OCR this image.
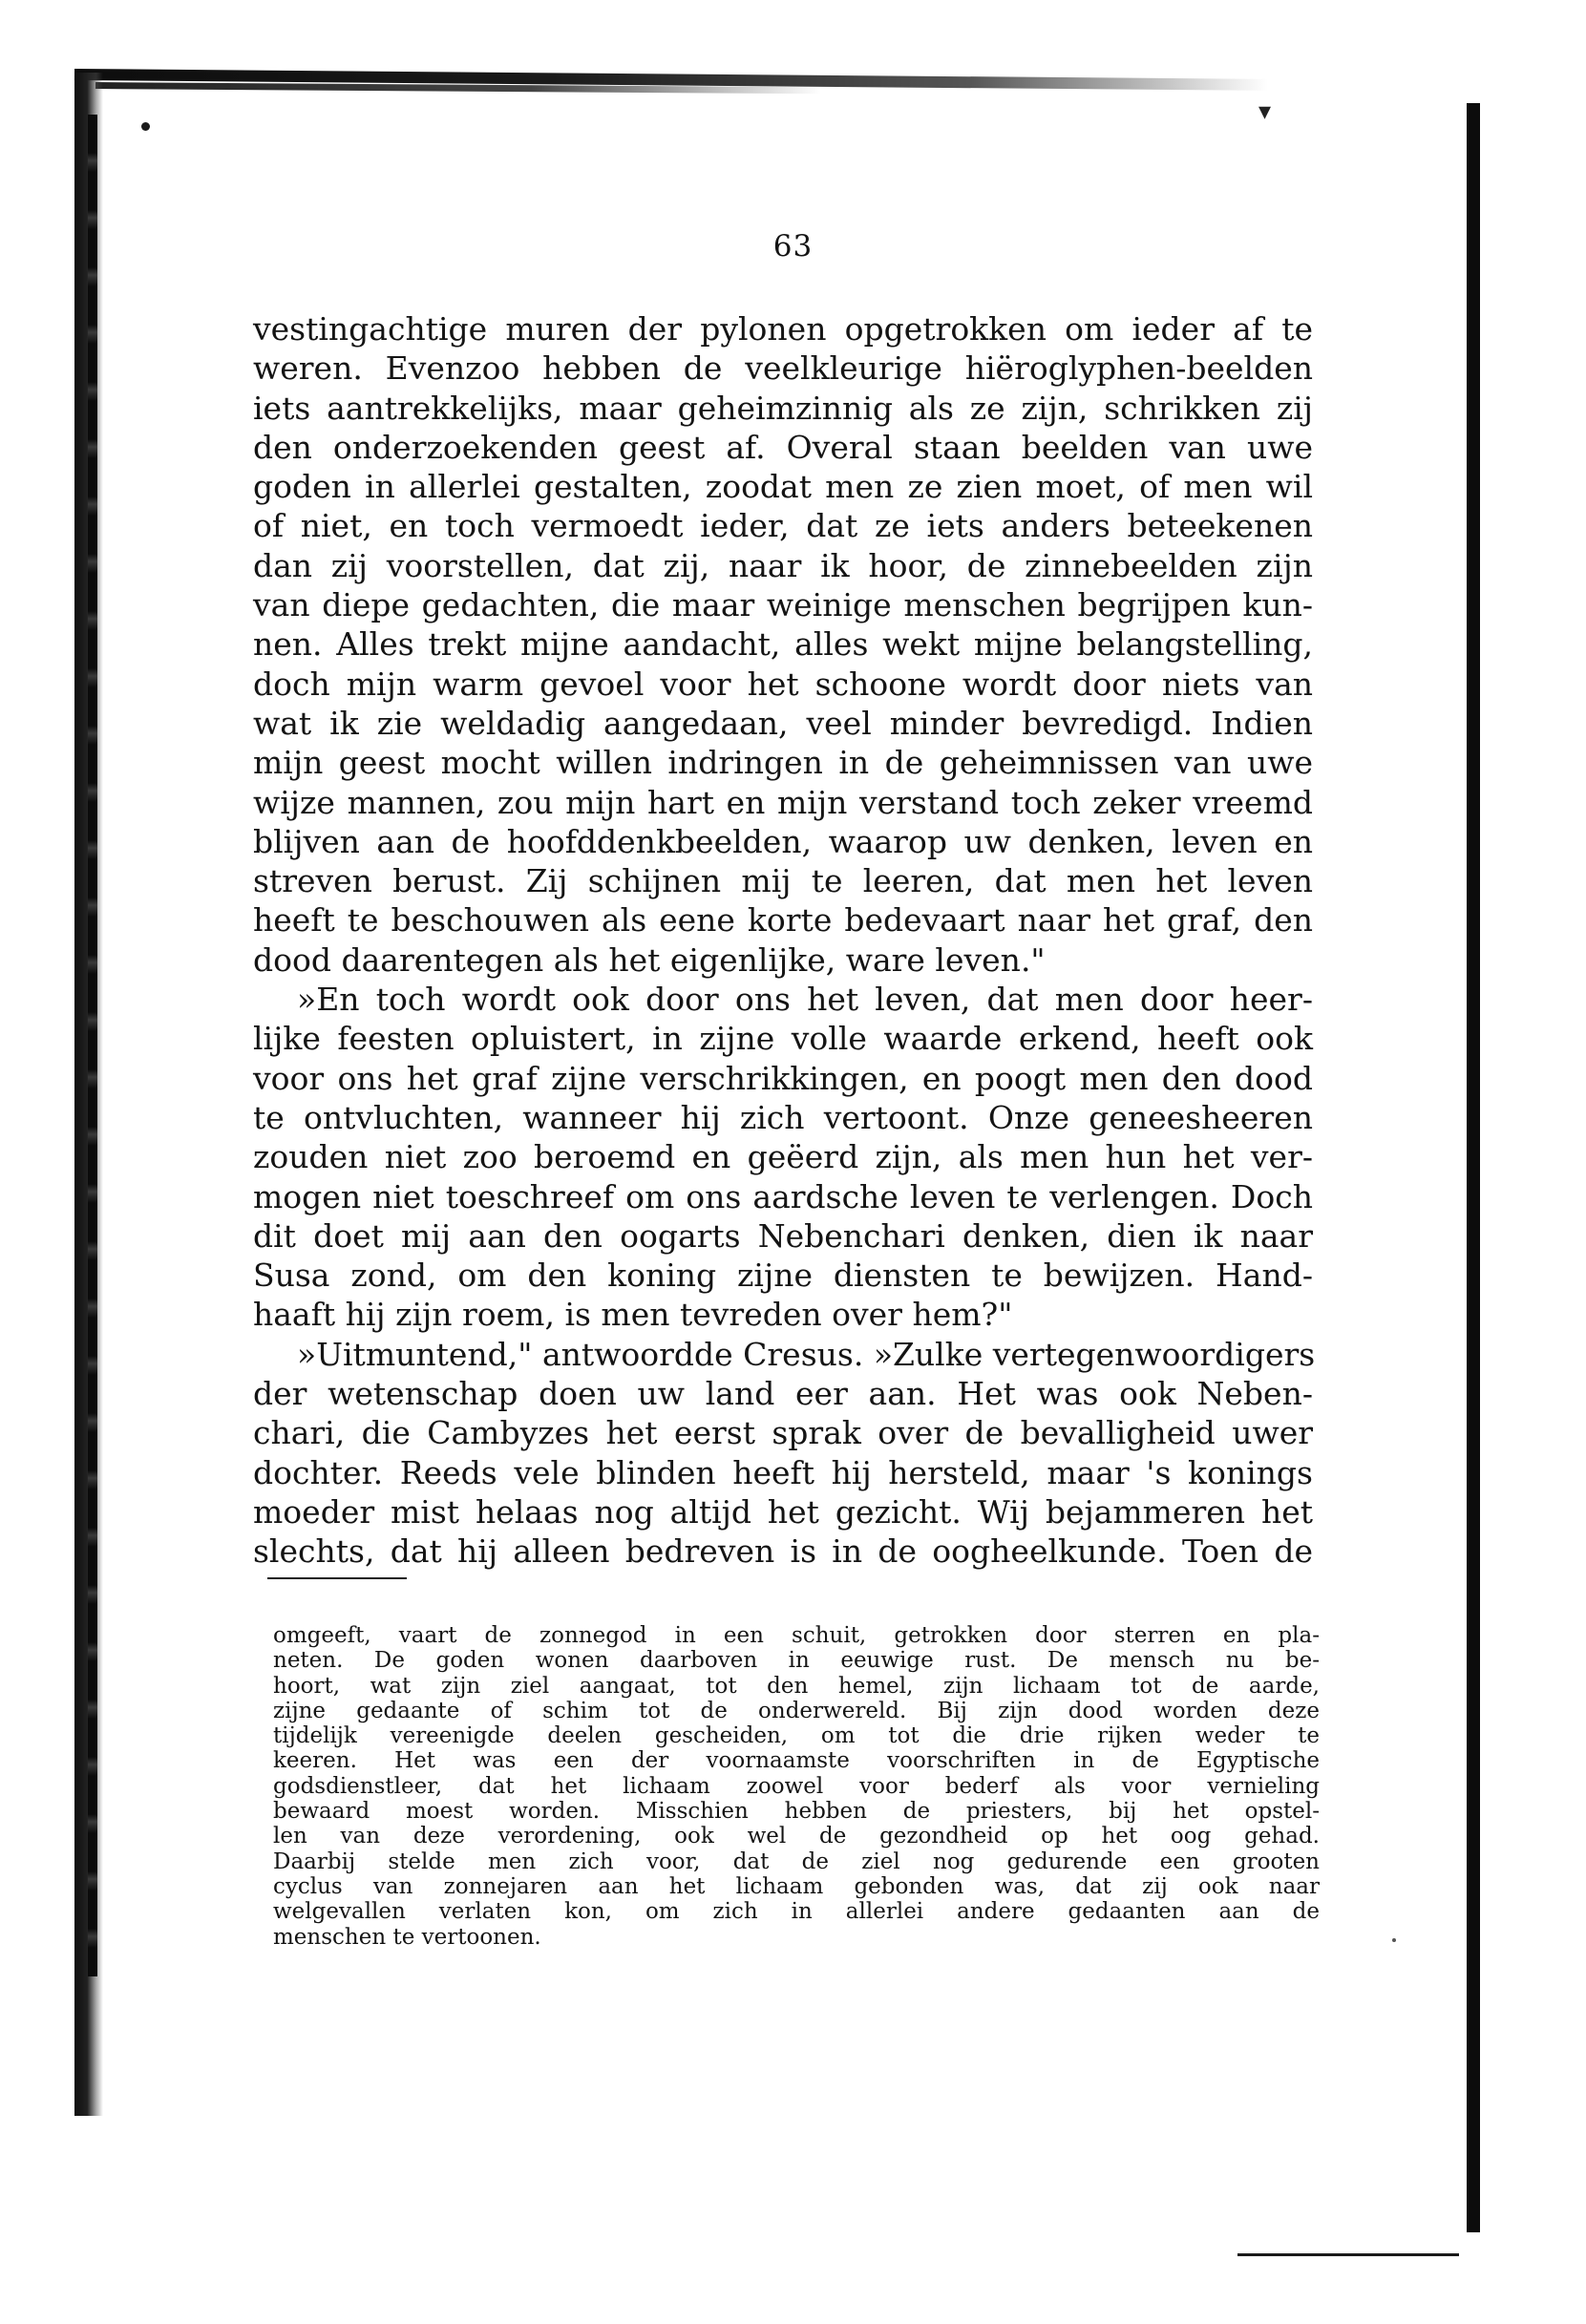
▾
63
vestingachtige muren der pylonen opgetrokken om ieder af te
weren. Evenzoo hebben de veelkleurige hiëroglyphen-beelden
iets aantrekkelijks, maar geheimzinnig als ze zijn, schrikken zij
den onderzoekenden geest af. Overal staan beelden van uwe
goden in allerlei gestalten, zoodat men ze zien moet, of men wil
of niet, en toch vermoedt ieder, dat ze iets anders beteekenen
dan zij voorstellen, dat zij, naar ik hoor, de zinnebeelden zijn
van diepe gedachten, die maar weinige menschen begrijpen kun-
nen. Alles trekt mijne aandacht, alles wekt mijne belangstelling,
doch mijn warm gevoel voor het schoone wordt door niets van
wat ik zie weldadig aangedaan, veel minder bevredigd. Indien
mijn geest mocht willen indringen in de geheimnissen van uwe
wijze mannen, zou mijn hart en mijn verstand toch zeker vreemd
blijven aan de hoofddenkbeelden, waarop uw denken, leven en
streven berust. Zij schijnen mij te leeren, dat men het leven
heeft te beschouwen als eene korte bedevaart naar het graf, den
dood daarentegen als het eigenlijke, ware leven."
»En toch wordt ook door ons het leven, dat men door heer-
lijke feesten opluistert, in zijne volle waarde erkend, heeft ook
voor ons het graf zijne verschrikkingen, en poogt men den dood
te ontvluchten, wanneer hij zich vertoont. Onze geneesheeren
zouden niet zoo beroemd en geëerd zijn, als men hun het ver-
mogen niet toeschreef om ons aardsche leven te verlengen. Doch
dit doet mij aan den oogarts Nebenchari denken, dien ik naar
Susa zond, om den koning zijne diensten te bewijzen. Hand-
haaft hij zijn roem, is men tevreden over hem?"
»Uitmuntend," antwoordde Cresus. »Zulke vertegenwoordigers
der wetenschap doen uw land eer aan. Het was ook Neben-
chari, die Cambyzes het eerst sprak over de bevalligheid uwer
dochter. Reeds vele blinden heeft hij hersteld, maar 's konings
moeder mist helaas nog altijd het gezicht. Wij bejammeren het
slechts, dat hij alleen bedreven is in de oogheelkunde. Toen de
omgeeft, vaart de zonnegod in een schuit, getrokken door sterren en pla-
neten. De goden wonen daarboven in eeuwige rust. De mensch nu be-
hoort, wat zijn ziel aangaat, tot den hemel, zijn lichaam tot de aarde,
zijne gedaante of schim tot de onderwereld. Bij zijn dood worden deze
tijdelijk vereenigde deelen gescheiden, om tot die drie rijken weder te
keeren. Het was een der voornaamste voorschriften in de Egyptische
godsdienstleer, dat het lichaam zoowel voor bederf als voor vernieling
bewaard moest worden. Misschien hebben de priesters, bij het opstel-
len van deze verordening, ook wel de gezondheid op het oog gehad.
Daarbij stelde men zich voor, dat de ziel nog gedurende een grooten
cyclus van zonnejaren aan het lichaam gebonden was, dat zij ook naar
welgevallen verlaten kon, om zich in allerlei andere gedaanten aan de
menschen te vertoonen.
